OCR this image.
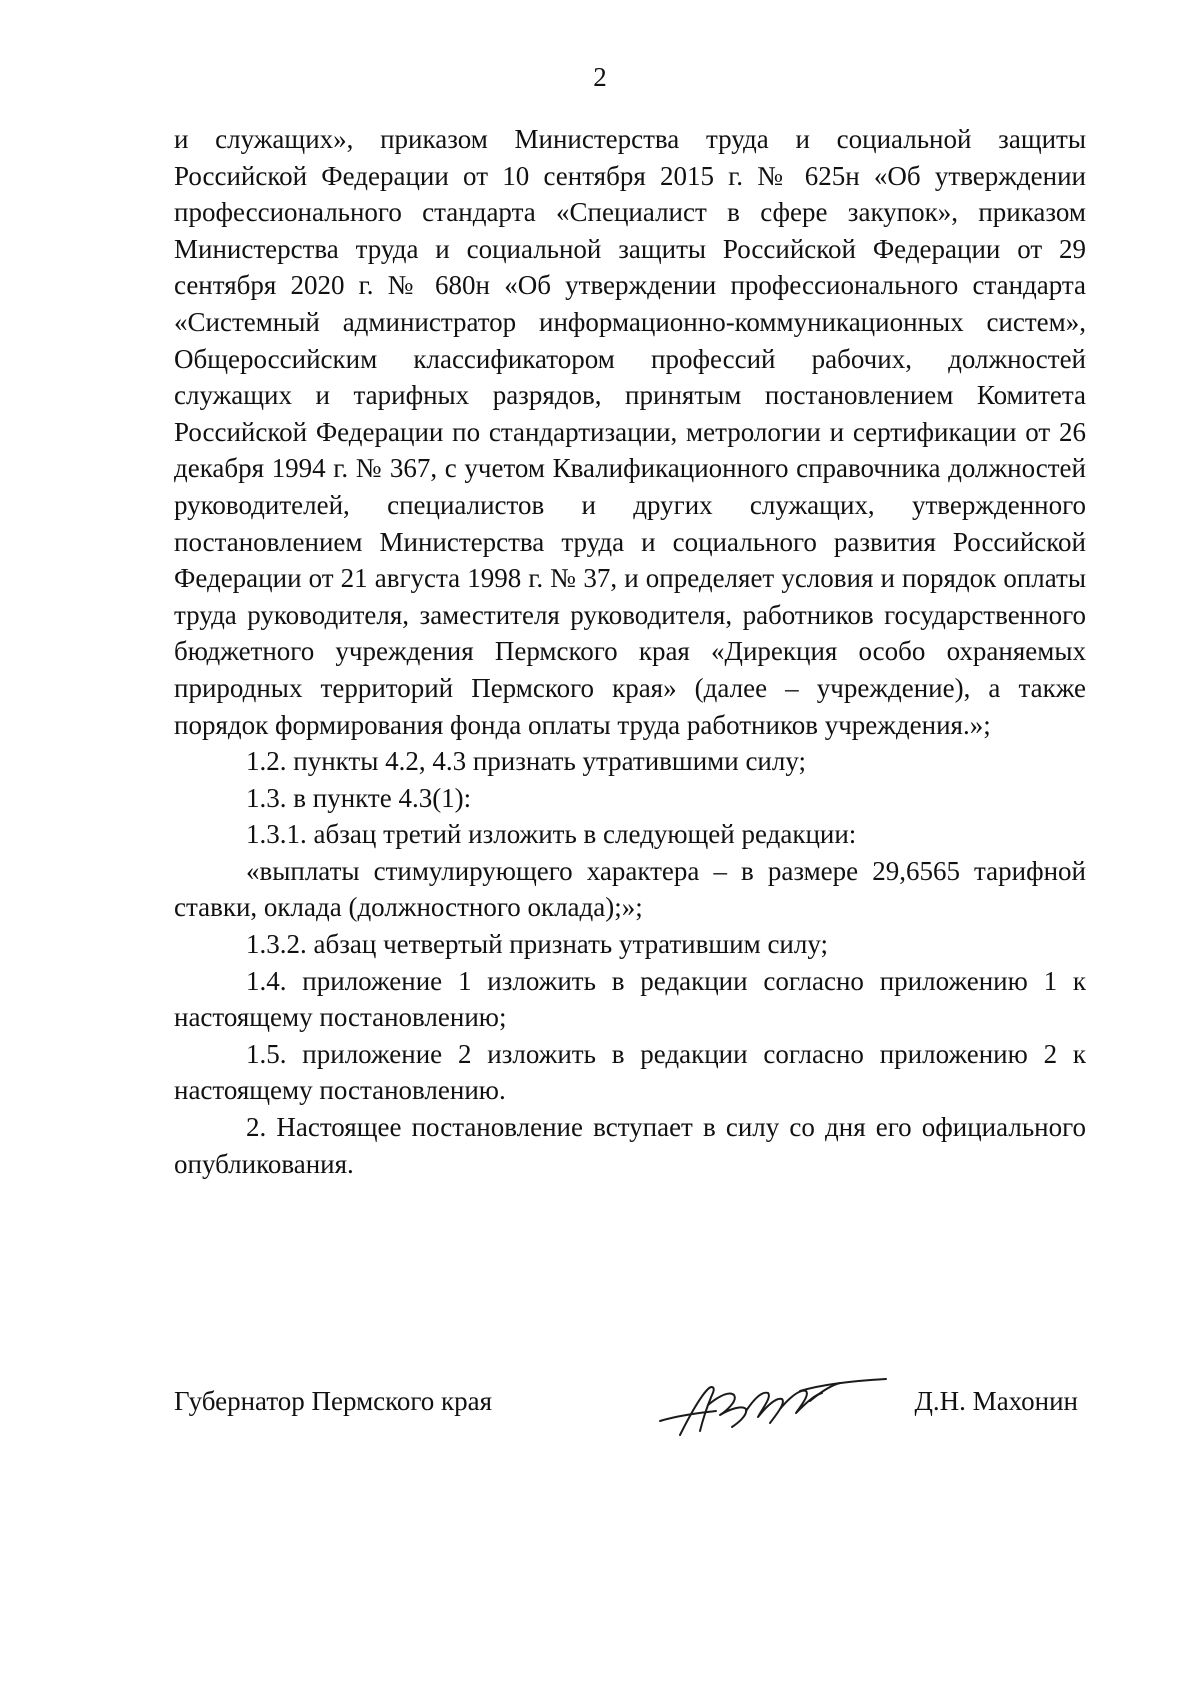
2

и служащих», приказом Министерства труда и социальной защиты Российской Федерации от 10 сентября 2015 г. № 625н «Об утверждении профессионального стандарта «Специалист в сфере закупок», приказом Министерства труда и социальной защиты Российской Федерации от 29 сентября 2020 г. № 680н «Об утверждении профессионального стандарта «Системный администратор информационно-коммуникационных систем», Общероссийским классификатором профессий рабочих, должностей служащих и тарифных разрядов, принятым постановлением Комитета Российской Федерации по стандартизации, метрологии и сертификации от 26 декабря 1994 г. № 367, с учетом Квалификационного справочника должностей руководителей, специалистов и других служащих, утвержденного постановлением Министерства труда и социального развития Российской Федерации от 21 августа 1998 г. № 37, и определяет условия и порядок оплаты труда руководителя, заместителя руководителя, работников государственного бюджетного учреждения Пермского края «Дирекция особо охраняемых природных территорий Пермского края» (далее – учреждение), а также порядок формирования фонда оплаты труда работников учреждения.»;

1.2. пункты 4.2, 4.3 признать утратившими силу;

1.3. в пункте 4.3(1):

1.3.1. абзац третий изложить в следующей редакции:

«выплаты стимулирующего характера – в размере 29,6565 тарифной ставки, оклада (должностного оклада);»;

1.3.2. абзац четвертый признать утратившим силу;

1.4. приложение 1 изложить в редакции согласно приложению 1 к настоящему постановлению;

1.5. приложение 2 изложить в редакции согласно приложению 2 к настоящему постановлению.

2. Настоящее постановление вступает в силу со дня его официального опубликования.

Губернатор Пермского края	Д.Н. Махонин
